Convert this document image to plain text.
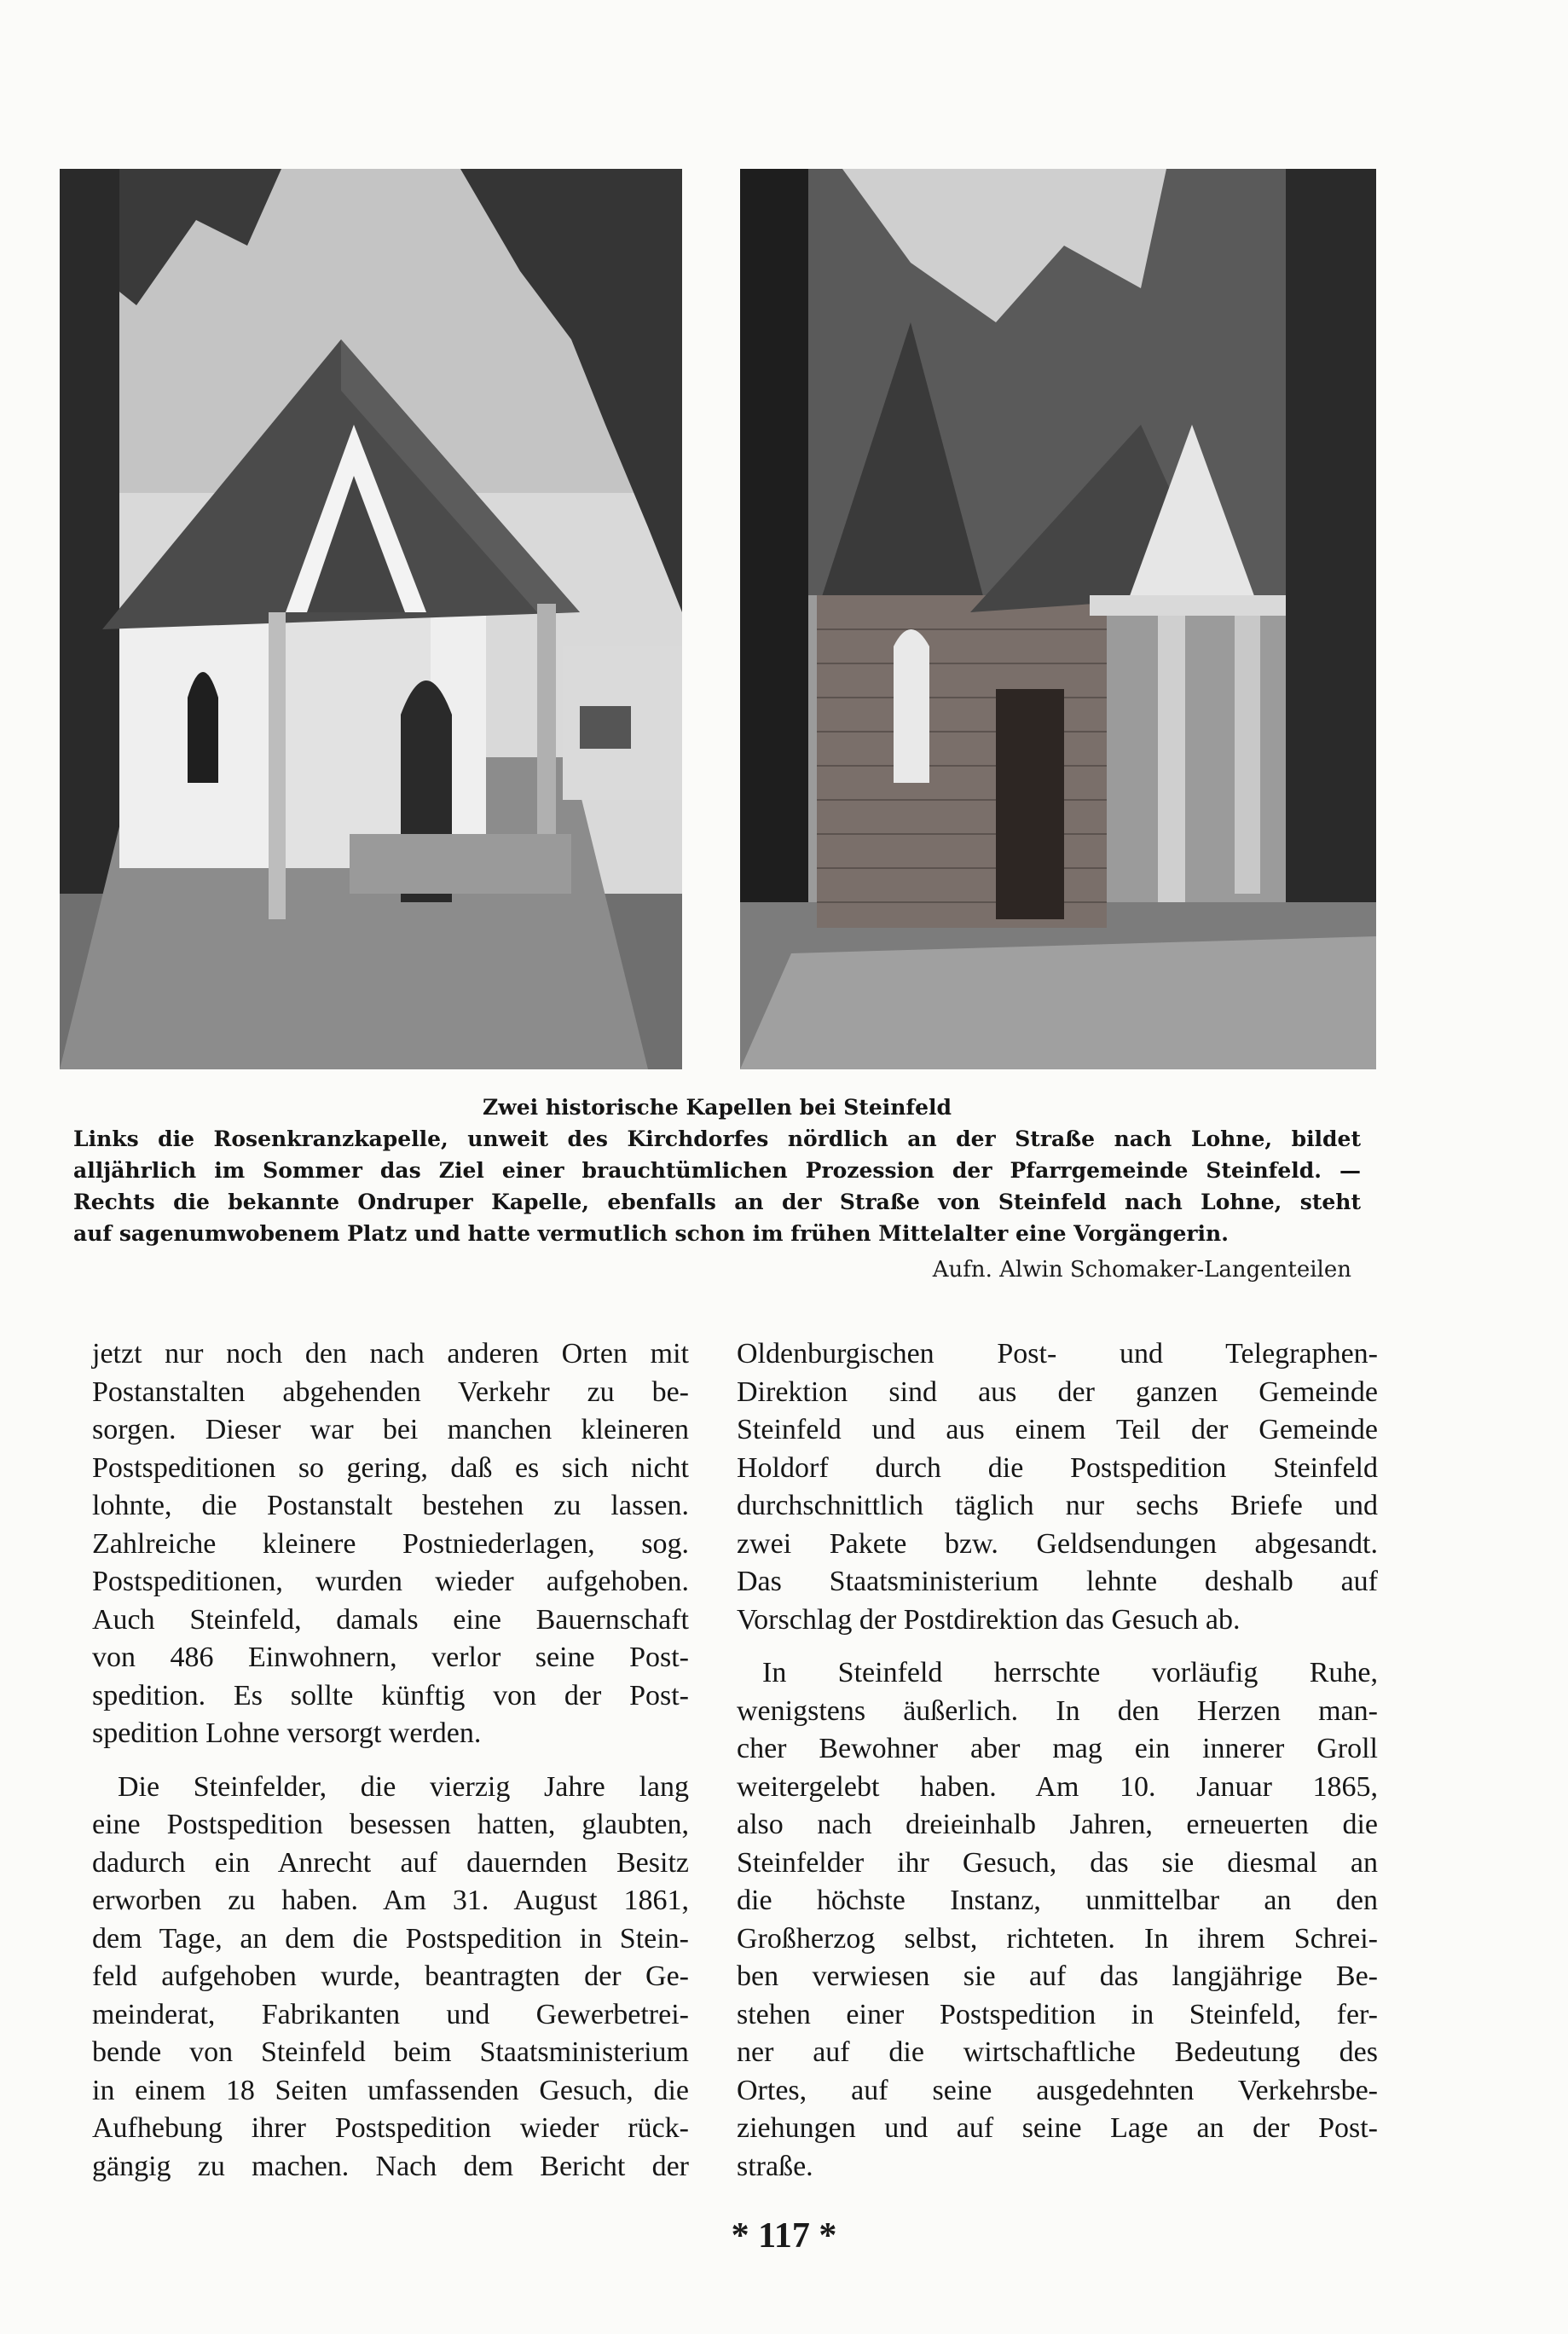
Zwei historische Kapellen bei Steinfeld
Links die Rosenkranzkapelle, unweit des Kirchdorfes nördlich an der Straße nach Lohne, bildet
alljährlich im Sommer das Ziel einer brauchtümlichen Prozession der Pfarrgemeinde Steinfeld. —
Rechts die bekannte Ondruper Kapelle, ebenfalls an der Straße von Steinfeld nach Lohne, steht
auf sagenumwobenem Platz und hatte vermutlich schon im frühen Mittelalter eine Vorgängerin.
Aufn. Alwin Schomaker-Langenteilen

jetzt nur noch den nach anderen Orten mit
Postanstalten abgehenden Verkehr zu be-
sorgen. Dieser war bei manchen kleineren
Postspeditionen so gering, daß es sich nicht
lohnte, die Postanstalt bestehen zu lassen.
Zahlreiche kleinere Postniederlagen, sog.
Postspeditionen, wurden wieder aufgehoben.
Auch Steinfeld, damals eine Bauernschaft
von 486 Einwohnern, verlor seine Post-
spedition. Es sollte künftig von der Post-
spedition Lohne versorgt werden.

Die Steinfelder, die vierzig Jahre lang
eine Postspedition besessen hatten, glaubten,
dadurch ein Anrecht auf dauernden Besitz
erworben zu haben. Am 31. August 1861,
dem Tage, an dem die Postspedition in Stein-
feld aufgehoben wurde, beantragten der Ge-
meinderat, Fabrikanten und Gewerbetrei-
bende von Steinfeld beim Staatsministerium
in einem 18 Seiten umfassenden Gesuch, die
Aufhebung ihrer Postspedition wieder rück-
gängig zu machen. Nach dem Bericht der

Oldenburgischen Post- und Telegraphen-
Direktion sind aus der ganzen Gemeinde
Steinfeld und aus einem Teil der Gemeinde
Holdorf durch die Postspedition Steinfeld
durchschnittlich täglich nur sechs Briefe und
zwei Pakete bzw. Geldsendungen abgesandt.
Das Staatsministerium lehnte deshalb auf
Vorschlag der Postdirektion das Gesuch ab.

In Steinfeld herrschte vorläufig Ruhe,
wenigstens äußerlich. In den Herzen man-
cher Bewohner aber mag ein innerer Groll
weitergelebt haben. Am 10. Januar 1865,
also nach dreieinhalb Jahren, erneuerten die
Steinfelder ihr Gesuch, das sie diesmal an
die höchste Instanz, unmittelbar an den
Großherzog selbst, richteten. In ihrem Schrei-
ben verwiesen sie auf das langjährige Be-
stehen einer Postspedition in Steinfeld, fer-
ner auf die wirtschaftliche Bedeutung des
Ortes, auf seine ausgedehnten Verkehrsbe-
ziehungen und auf seine Lage an der Post-
straße.

* 117 *
